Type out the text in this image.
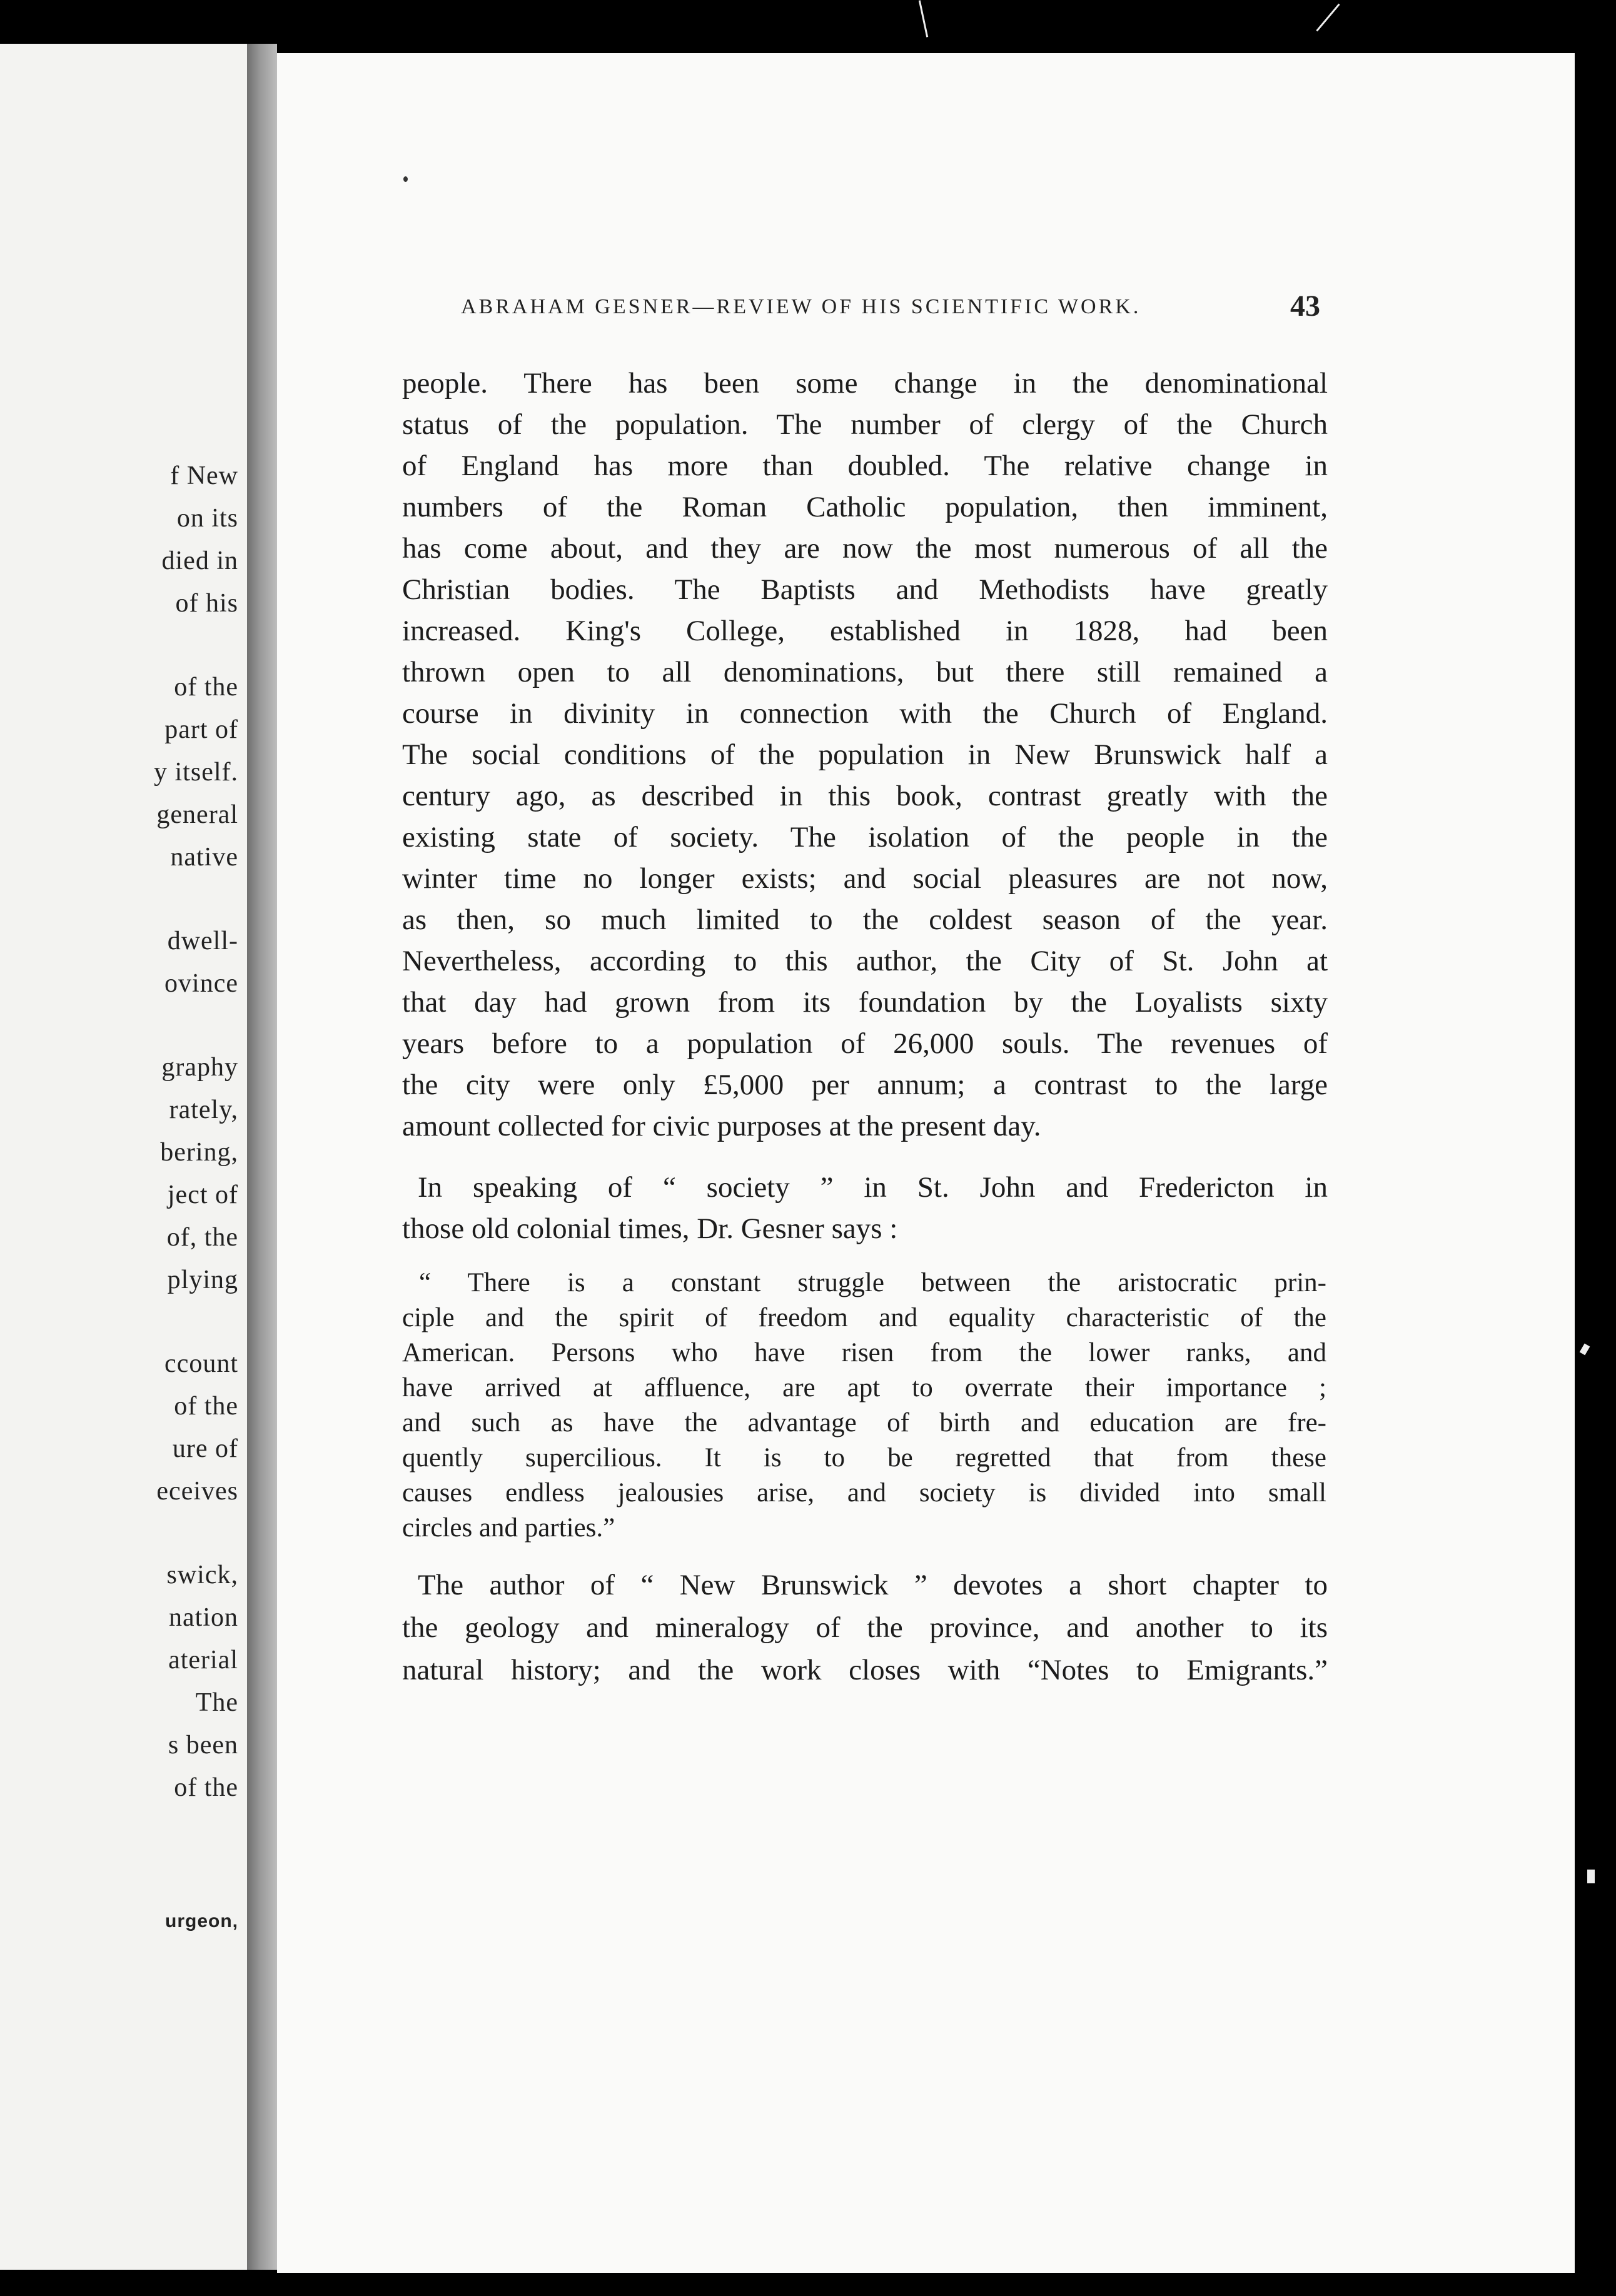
f New
on its
died in
of his
of the
part of
y itself.
general
native
dwell-
ovince
graphy
rately,
bering,
ject of
of, the
plying
ccount
of the
ure of
eceives
swick,
nation
aterial
The
s been
of the
urgeon,
ABRAHAM GESNER—REVIEW OF HIS SCIENTIFIC WORK.	43
people. There has been some change in the denominational
status of the population. The number of clergy of the Church
of England has more than doubled. The relative change in
numbers of the Roman Catholic population, then imminent,
has come about, and they are now the most numerous of all the
Christian bodies. The Baptists and Methodists have greatly
increased. King's College, established in 1828, had been
thrown open to all denominations, but there still remained a
course in divinity in connection with the Church of England.
The social conditions of the population in New Brunswick half a
century ago, as described in this book, contrast greatly with the
existing state of society. The isolation of the people in the
winter time no longer exists; and social pleasures are not now,
as then, so much limited to the coldest season of the year.
Nevertheless, according to this author, the City of St. John at
that day had grown from its foundation by the Loyalists sixty
years before to a population of 26,000 souls. The revenues of
the city were only £5,000 per annum; a contrast to the large
amount collected for civic purposes at the present day.
In speaking of “ society ” in St. John and Fredericton in
those old colonial times, Dr. Gesner says :
“ There is a constant struggle between the aristocratic prin-
ciple and the spirit of freedom and equality characteristic of the
American. Persons who have risen from the lower ranks, and
have arrived at affluence, are apt to overrate their importance ;
and such as have the advantage of birth and education are fre-
quently supercilious. It is to be regretted that from these
causes endless jealousies arise, and society is divided into small
circles and parties.”
The author of “ New Brunswick ” devotes a short chapter to
the geology and mineralogy of the province, and another to its
natural history; and the work closes with “Notes to Emigrants.”
